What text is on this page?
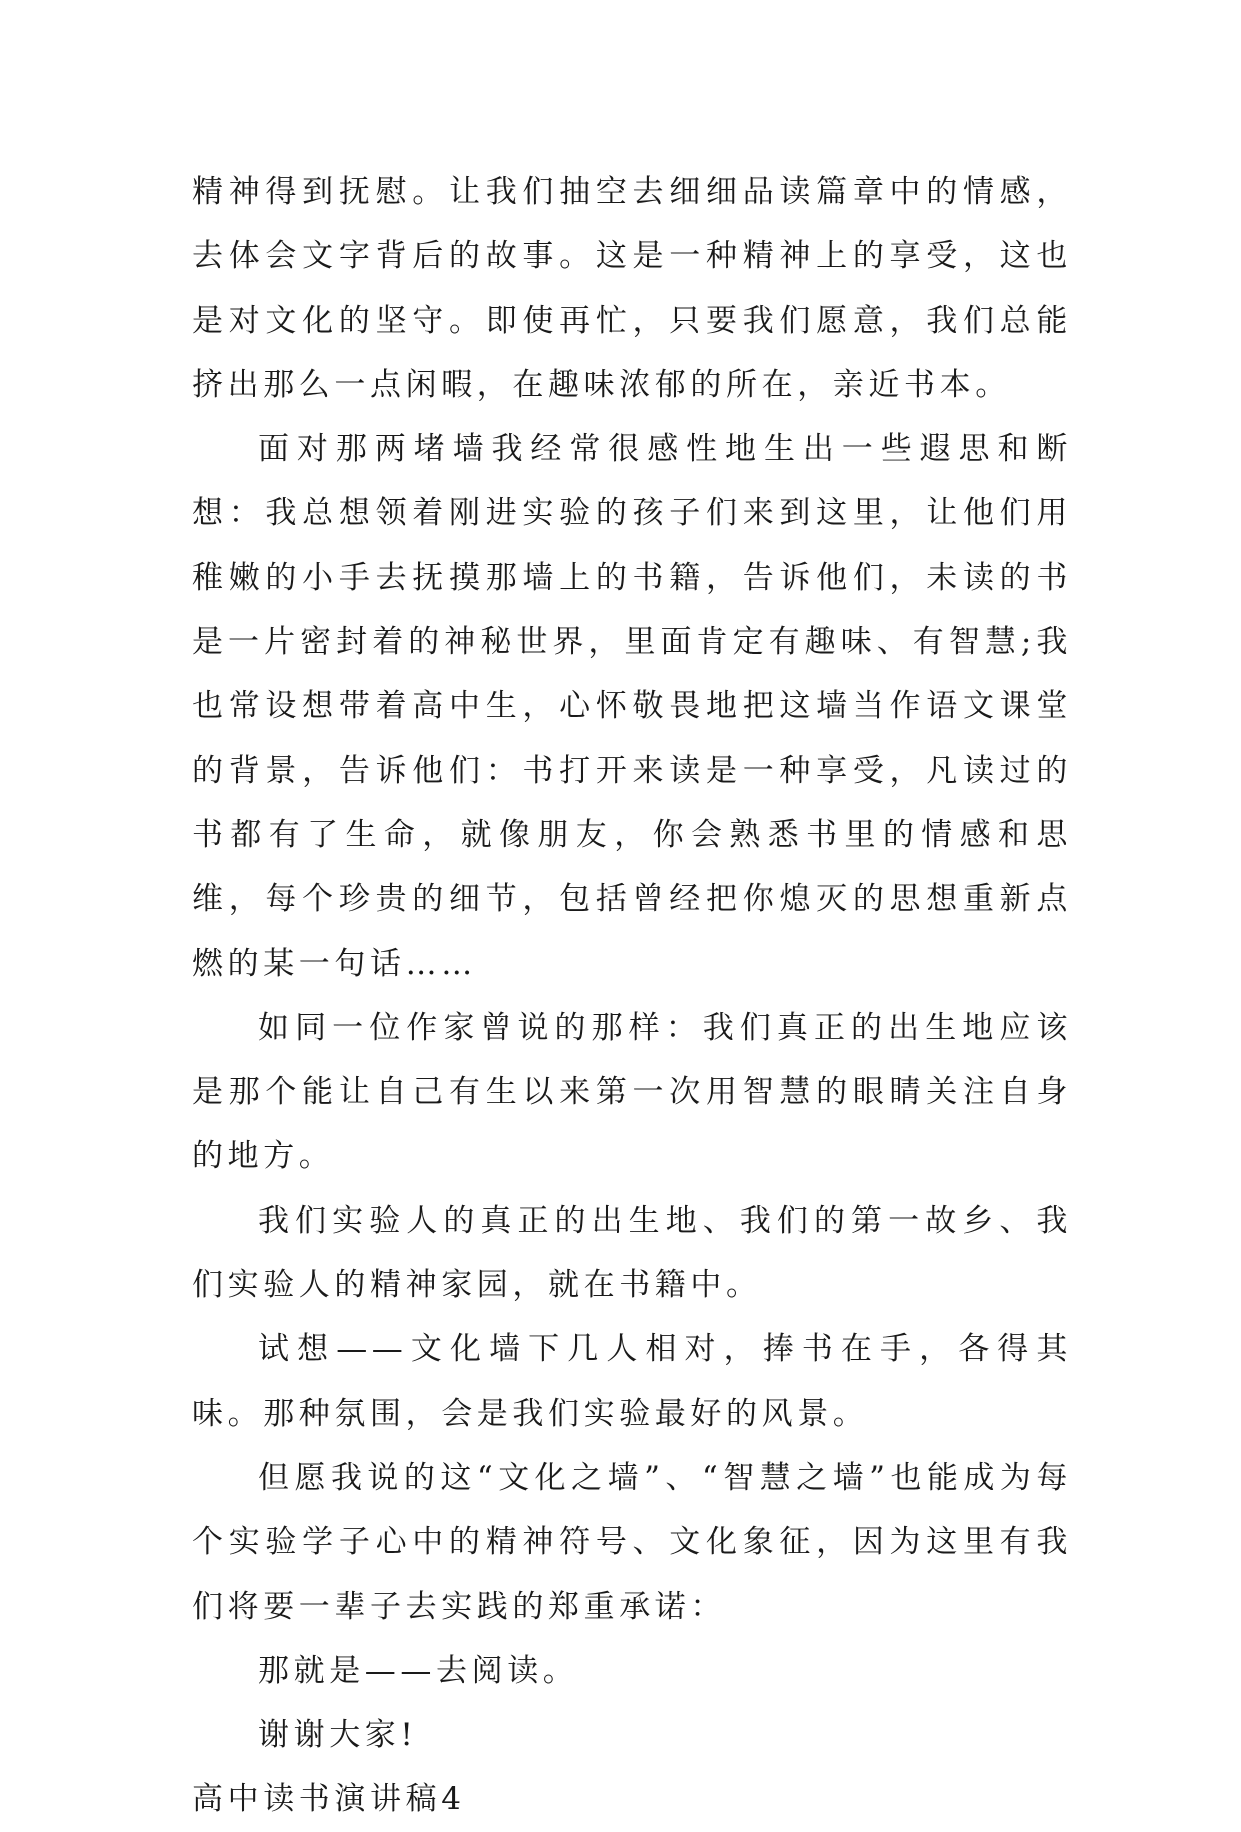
精神得到抚慰。让我们抽空去细细品读篇章中的情感，去体会文字背后的故事。这是一种精神上的享受，这也是对文化的坚守。即使再忙，只要我们愿意，我们总能挤出那么一点闲暇，在趣味浓郁的所在，亲近书本。

面对那两堵墙我经常很感性地生出一些遐思和断想：我总想领着刚进实验的孩子们来到这里，让他们用稚嫩的小手去抚摸那墙上的书籍，告诉他们，未读的书是一片密封着的神秘世界，里面肯定有趣味、有智慧;我也常设想带着高中生，心怀敬畏地把这墙当作语文课堂的背景，告诉他们：书打开来读是一种享受，凡读过的书都有了生命，就像朋友，你会熟悉书里的情感和思维，每个珍贵的细节，包括曾经把你熄灭的思想重新点燃的某一句话……

如同一位作家曾说的那样：我们真正的出生地应该是那个能让自己有生以来第一次用智慧的眼睛关注自身的地方。

我们实验人的真正的出生地、我们的第一故乡、我们实验人的精神家园，就在书籍中。

试想——文化墙下几人相对，捧书在手，各得其味。那种氛围，会是我们实验最好的风景。

但愿我说的这“文化之墙”、“智慧之墙”也能成为每个实验学子心中的精神符号、文化象征，因为这里有我们将要一辈子去实践的郑重承诺：

那就是——去阅读。

谢谢大家!

高中读书演讲稿4
